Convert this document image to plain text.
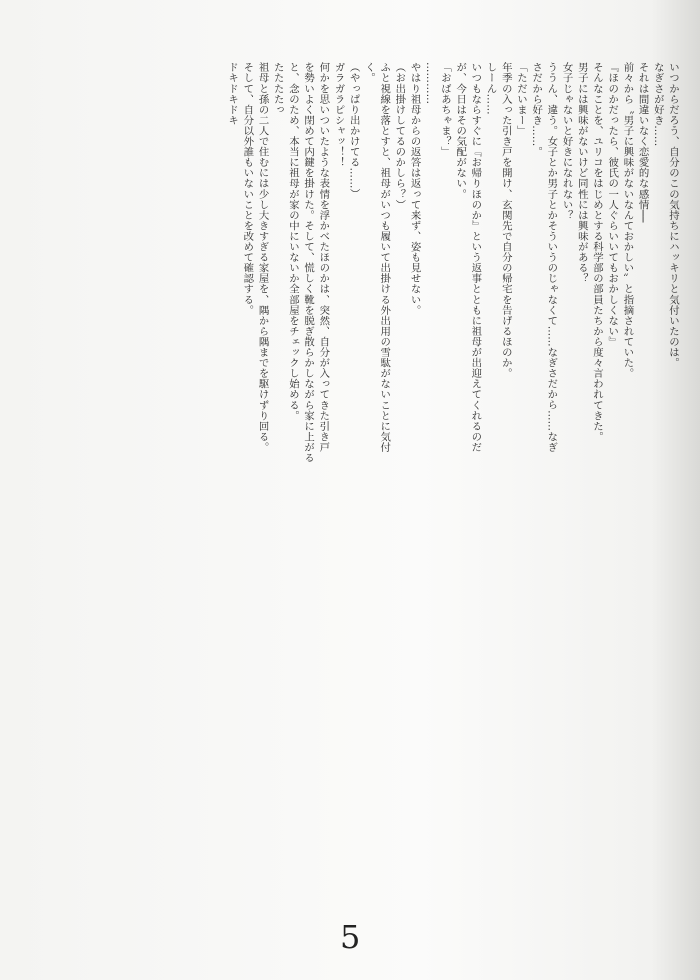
いつからだろう、自分のこの気持ちにハッキリと気付いたのは。
なぎさが好き……
それは間違いなく恋愛的な感情──
前々から〝男子に興味がないなんておかしい〟と指摘されていた。
『ほのかだったら、彼氏の一人ぐらいいてもおかしくない』
そんなことを、ユリコをはじめとする科学部の部員たちから度々言われてきた。
男子には興味がないけど同性には興味がある？
女子じゃないと好きになれない？
ううん、違う。女子とか男子とかそういうのじゃなくて……なぎさだから……なぎ
さだから好き……。
「ただいまー」
年季の入った引き戸を開け、玄関先で自分の帰宅を告げるほのか。
しーん……
いつもならすぐに『お帰りほのか』という返事とともに祖母が出迎えてくれるのだ
が、今日はその気配がない。
「おばあちゃま？」
…………
やはり祖母からの返答は返って来ず、姿も見せない。
（お出掛けしてるのかしら？）
ふと視線を落とすと、祖母がいつも履いて出掛ける外出用の雪駄がないことに気付
く。
（やっぱり出かけてる……）
ガラガラピシャッ！！
何かを思いついたような表情を浮かべたほのかは、突然、自分が入ってきた引き戸
を勢いよく閉めて内鍵を掛けた。そして、慌しく靴を脱ぎ散らかしながら家に上がる
と、念のため、本当に祖母が家の中にいないか全部屋をチェックし始める。
たたたたっ
祖母と孫の二人で住むには少し大きすぎる家屋を、隅から隅までを駆けずり回る。
そして、自分以外誰もいないことを改めて確認する。
ドキドキドキ
5
